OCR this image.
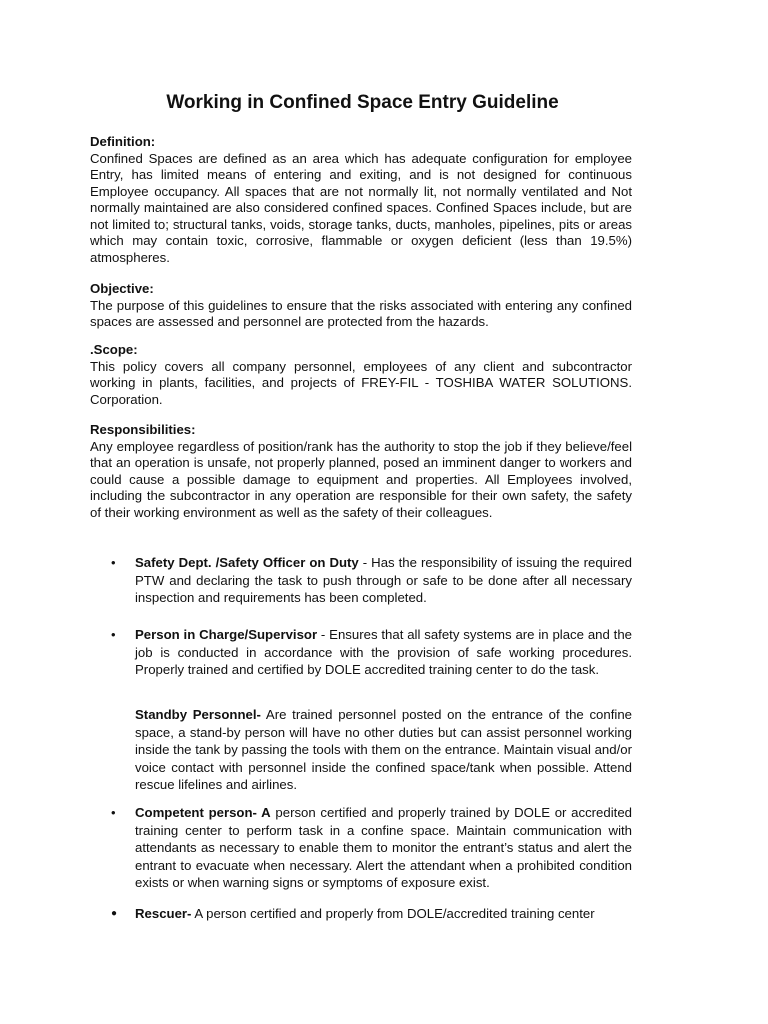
Working in Confined Space Entry Guideline
Definition:

Confined Spaces are defined as an area which has adequate configuration for employee Entry, has limited means of entering and exiting, and is not designed for continuous Employee occupancy. All spaces that are not normally lit, not normally ventilated and Not normally maintained are also considered confined spaces. Confined Spaces include, but are not limited to; structural tanks, voids, storage tanks, ducts, manholes, pipelines, pits or areas which may contain toxic, corrosive, flammable or oxygen deficient (less than 19.5%) atmospheres.

Objective:

The purpose of this guidelines to ensure that the risks associated with entering any confined spaces are assessed and personnel are protected from the hazards.

.Scope:

This policy covers all company personnel, employees of any client and subcontractor working in plants, facilities, and projects of FREY-FIL - TOSHIBA WATER SOLUTIONS. Corporation.

Responsibilities:

Any employee regardless of position/rank has the authority to stop the job if they believe/feel that an operation is unsafe, not properly planned, posed an imminent danger to workers and could cause a possible damage to equipment and properties. All Employees involved, including the subcontractor in any operation are responsible for their own safety, the safety of their working environment as well as the safety of their colleagues.

• Safety Dept. /Safety Officer on Duty - Has the responsibility of issuing the required PTW and declaring the task to push through or safe to be done after all necessary inspection and requirements has been completed.
• Person in Charge/Supervisor - Ensures that all safety systems are in place and the job is conducted in accordance with the provision of safe working procedures. Properly trained and certified by DOLE accredited training center to do the task.
Standby Personnel- Are trained personnel posted on the entrance of the confine space, a stand-by person will have no other duties but can assist personnel working inside the tank by passing the tools with them on the entrance. Maintain visual and/or voice contact with personnel inside the confined space/tank when possible. Attend rescue lifelines and airlines.
• Competent person- A person certified and properly trained by DOLE or accredited training center to perform task in a confine space. Maintain communication with attendants as necessary to enable them to monitor the entrant’s status and alert the entrant to evacuate when necessary. Alert the attendant when a prohibited condition exists or when warning signs or symptoms of exposure exist.
● Rescuer- A person certified and properly from DOLE/accredited training center
